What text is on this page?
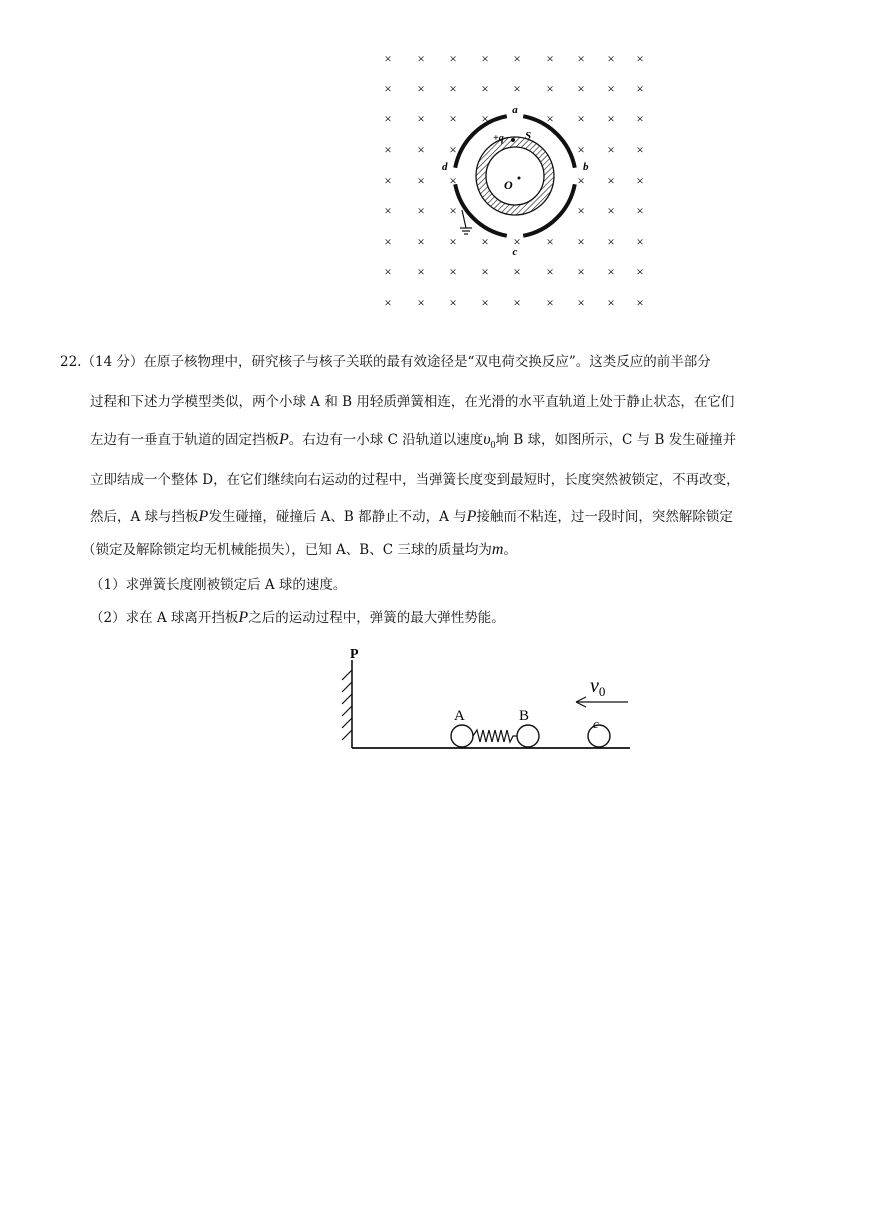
× × × × × × × × ×
× × × × × × × × ×
× × × ×	× × × ×
× × ×	× × ×
× × ×	× × ×
× × ×	× × ×
× × × × × × × × ×
× × × × × × × × ×
× × × × × × × × ×
a
b
c
d
O
+q S
22.（14 分）在原子核物理中，研究核子与核子关联的最有效途径是“双电荷交换反应”。这类反应的前半部分
过程和下述力学模型类似，两个小球 A 和 B 用轻质弹簧相连，在光滑的水平直轨道上处于静止状态，在它们
左边有一垂直于轨道的固定挡板P。右边有一小球 C 沿轨道以速度$\upsilon_0$垧 B 球，如图所示，C 与 B 发生碰撞并
立即结成一个整体 D，在它们继续向右运动的过程中，当弹簧长度变到最短时，长度突然被锁定，不再改变，
然后，A 球与挡板P发生碰撞，碰撞后 A、B 都静止不动，A 与P接触而不粘连，过一段时间，突然解除锁定
（锁定及解除锁定均无机械能损失），已知 A、B、C 三球的质量均为m。
（1）求弹簧长度刚被锁定后 A 球的速度。
（2）求在 A 球离开挡板P之后的运动过程中，弹簧的最大弹性势能。
P
A	B	c
$v_0$
